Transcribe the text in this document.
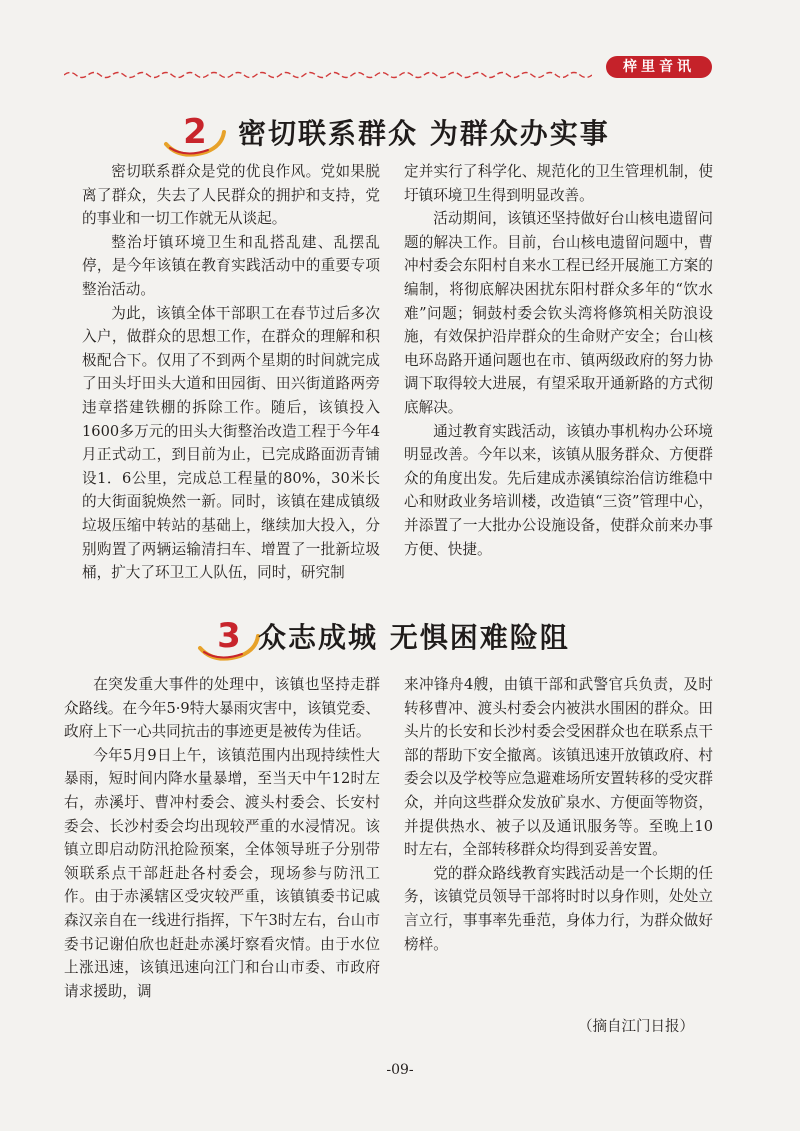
梓里音讯
2 密切联系群众 为群众办实事

密切联系群众是党的优良作风。党如果脱离了群众，失去了人民群众的拥护和支持，党的事业和一切工作就无从谈起。

整治圩镇环境卫生和乱搭乱建、乱摆乱停，是今年该镇在教育实践活动中的重要专项整治活动。

为此，该镇全体干部职工在春节过后多次入户，做群众的思想工作，在群众的理解和积极配合下。仅用了不到两个星期的时间就完成了田头圩田头大道和田园街、田兴街道路两旁违章搭建铁棚的拆除工作。随后，该镇投入1600多万元的田头大街整治改造工程于今年4月正式动工，到目前为止，已完成路面沥青铺设1．6公里，完成总工程量的80%，30米长的大街面貌焕然一新。同时，该镇在建成镇级垃圾压缩中转站的基础上，继续加大投入，分别购置了两辆运输清扫车、增置了一批新垃圾桶，扩大了环卫工人队伍，同时，研究制

定并实行了科学化、规范化的卫生管理机制，使圩镇环境卫生得到明显改善。

活动期间，该镇还坚持做好台山核电遗留问题的解决工作。目前，台山核电遗留问题中，曹冲村委会东阳村自来水工程已经开展施工方案的编制，将彻底解决困扰东阳村群众多年的“饮水难”问题；铜鼓村委会钦头湾将修筑相关防浪设施，有效保护沿岸群众的生命财产安全；台山核电环岛路开通问题也在市、镇两级政府的努力协调下取得较大进展，有望采取开通新路的方式彻底解决。

通过教育实践活动，该镇办事机构办公环境明显改善。今年以来，该镇从服务群众、方便群众的角度出发。先后建成赤溪镇综治信访维稳中心和财政业务培训楼，改造镇“三资”管理中心，并添置了一大批办公设施设备，使群众前来办事方便、快捷。

3 众志成城 无惧困难险阻

在突发重大事件的处理中，该镇也坚持走群众路线。在今年5·9特大暴雨灾害中，该镇党委、政府上下一心共同抗击的事迹更是被传为佳话。

今年5月9日上午，该镇范围内出现持续性大暴雨，短时间内降水量暴增，至当天中午12时左右，赤溪圩、曹冲村委会、渡头村委会、长安村委会、长沙村委会均出现较严重的水浸情况。该镇立即启动防汛抢险预案，全体领导班子分别带领联系点干部赶赴各村委会，现场参与防汛工作。由于赤溪辖区受灾较严重，该镇镇委书记戚森汉亲自在一线进行指挥，下午3时左右，台山市委书记谢伯欣也赶赴赤溪圩察看灾情。由于水位上涨迅速，该镇迅速向江门和台山市委、市政府请求援助，调

来冲锋舟4艘，由镇干部和武警官兵负责，及时转移曹冲、渡头村委会内被洪水围困的群众。田头片的长安和长沙村委会受困群众也在联系点干部的帮助下安全撤离。该镇迅速开放镇政府、村委会以及学校等应急避难场所安置转移的受灾群众，并向这些群众发放矿泉水、方便面等物资，并提供热水、被子以及通讯服务等。至晚上10时左右，全部转移群众均得到妥善安置。

党的群众路线教育实践活动是一个长期的任务，该镇党员领导干部将时时以身作则，处处立言立行，事事率先垂范，身体力行，为群众做好榜样。

（摘自江门日报）
-09-
